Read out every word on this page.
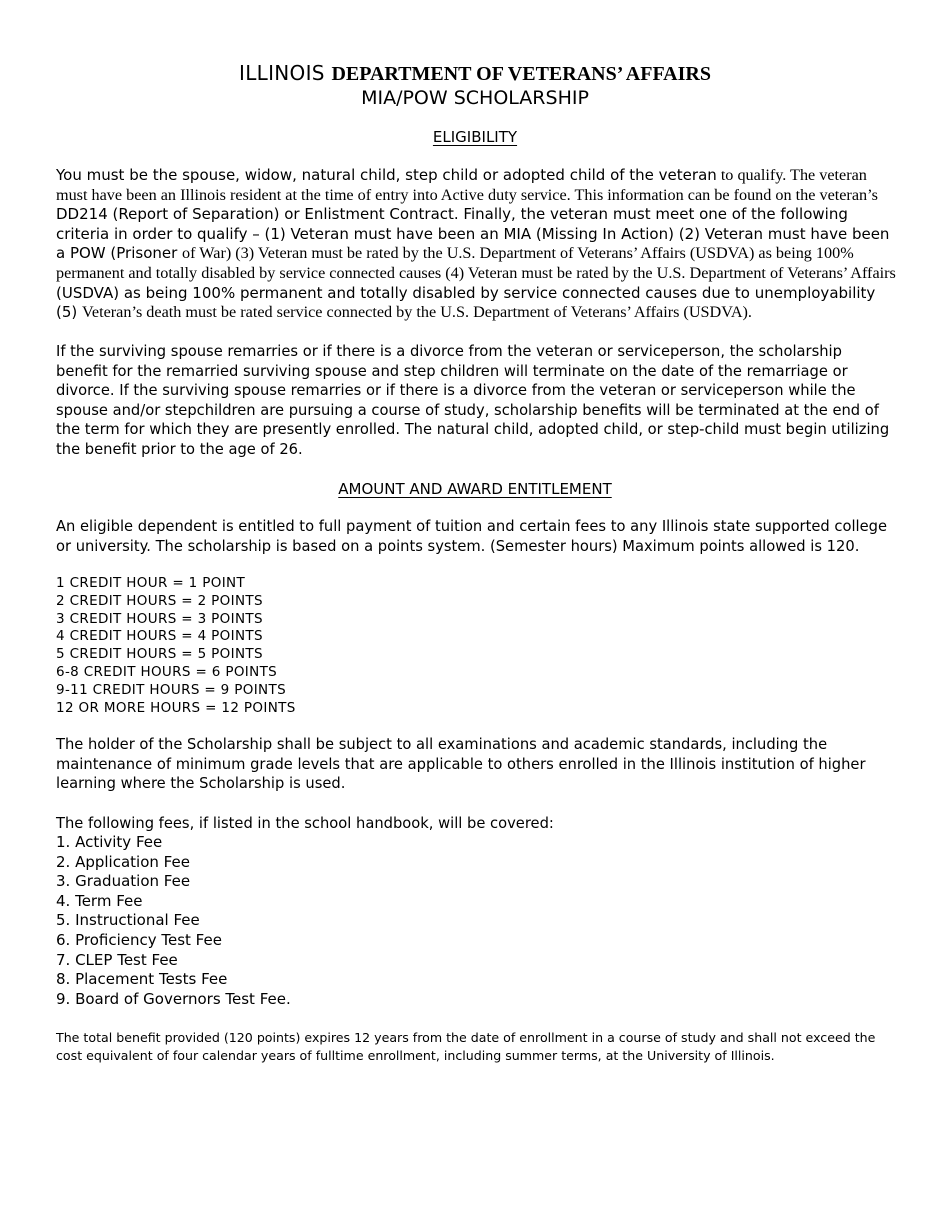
ILLINOIS DEPARTMENT OF VETERANS’ AFFAIRS
MIA/POW SCHOLARSHIP
ELIGIBILITY
You must be the spouse, widow, natural child, step child or adopted child of the veteran to qualify. The veteran must have been an Illinois resident at the time of entry into Active duty service. This information can be found on the veteran’s DD214 (Report of Separation) or Enlistment Contract. Finally, the veteran must meet one of the following criteria in order to qualify – (1) Veteran must have been an MIA (Missing In Action) (2) Veteran must have been a POW (Prisoner of War) (3) Veteran must be rated by the U.S. Department of Veterans’ Affairs (USDVA) as being 100% permanent and totally disabled by service connected causes (4) Veteran must be rated by the U.S. Department of Veterans’ Affairs (USDVA) as being 100% permanent and totally disabled by service connected causes due to unemployability (5) Veteran’s death must be rated service connected by the U.S. Department of Veterans’ Affairs (USDVA).
If the surviving spouse remarries or if there is a divorce from the veteran or serviceperson, the scholarship benefit for the remarried surviving spouse and step children will terminate on the date of the remarriage or divorce. If the surviving spouse remarries or if there is a divorce from the veteran or serviceperson while the spouse and/or stepchildren are pursuing a course of study, scholarship benefits will be terminated at the end of the term for which they are presently enrolled. The natural child, adopted child, or step-child must begin utilizing the benefit prior to the age of 26.
AMOUNT AND AWARD ENTITLEMENT
An eligible dependent is entitled to full payment of tuition and certain fees to any Illinois state supported college or university. The scholarship is based on a points system. (Semester hours) Maximum points allowed is 120.
1 CREDIT HOUR = 1 POINT
2 CREDIT HOURS = 2 POINTS
3 CREDIT HOURS = 3 POINTS
4 CREDIT HOURS = 4 POINTS
5 CREDIT HOURS = 5 POINTS
6-8 CREDIT HOURS = 6 POINTS
9-11 CREDIT HOURS = 9 POINTS
12 OR MORE HOURS = 12 POINTS
The holder of the Scholarship shall be subject to all examinations and academic standards, including the maintenance of minimum grade levels that are applicable to others enrolled in the Illinois institution of higher learning where the Scholarship is used.
The following fees, if listed in the school handbook, will be covered:
1. Activity Fee
2. Application Fee
3. Graduation Fee
4. Term Fee
5. Instructional Fee
6. Proficiency Test Fee
7. CLEP Test Fee
8. Placement Tests Fee
9. Board of Governors Test Fee.
The total benefit provided (120 points) expires 12 years from the date of enrollment in a course of study and shall not exceed the cost equivalent of four calendar years of fulltime enrollment, including summer terms, at the University of Illinois.
